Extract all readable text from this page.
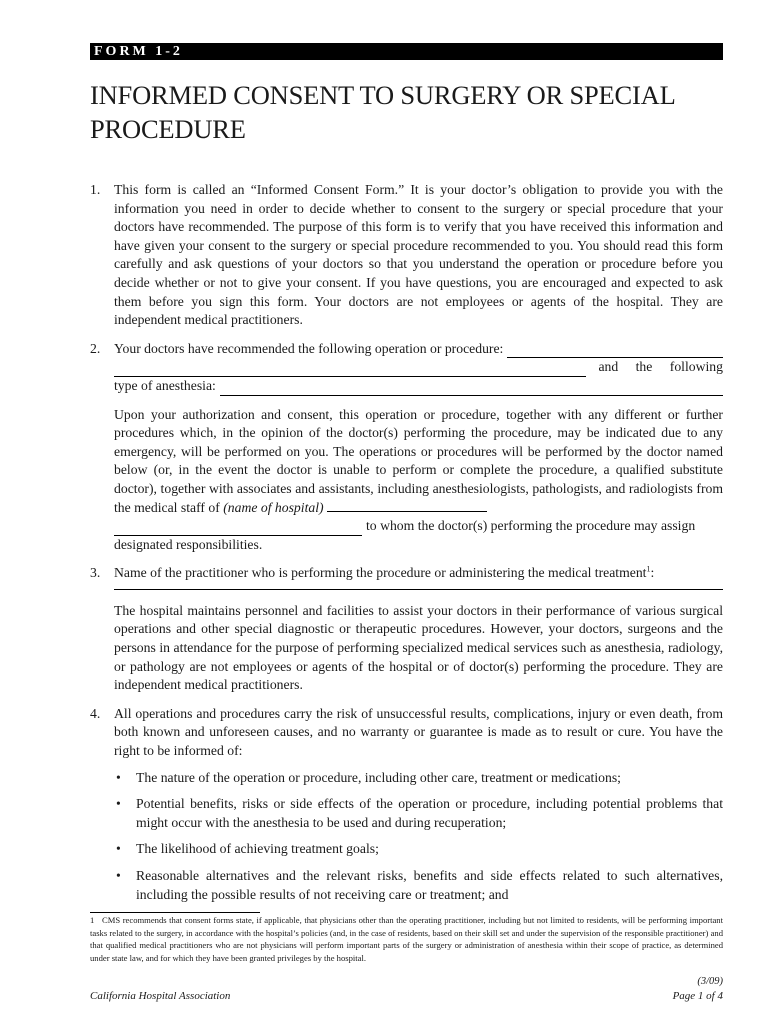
FORM 1-2
INFORMED CONSENT TO SURGERY OR SPECIAL PROCEDURE
1. This form is called an “Informed Consent Form.” It is your doctor’s obligation to provide you with the information you need in order to decide whether to consent to the surgery or special procedure that your doctors have recommended. The purpose of this form is to verify that you have received this information and have given your consent to the surgery or special procedure recommended to you. You should read this form carefully and ask questions of your doctors so that you understand the operation or procedure before you decide whether or not to give your consent. If you have questions, you are encouraged and expected to ask them before you sign this form. Your doctors are not employees or agents of the hospital. They are independent medical practitioners.
2. Your doctors have recommended the following operation or procedure:
and the following
type of anesthesia:
Upon your authorization and consent, this operation or procedure, together with any different or further procedures which, in the opinion of the doctor(s) performing the procedure, may be indicated due to any emergency, will be performed on you. The operations or procedures will be performed by the doctor named below (or, in the event the doctor is unable to perform or complete the procedure, a qualified substitute doctor), together with associates and assistants, including anesthesiologists, pathologists, and radiologists from the medical staff of (name of hospital)
to whom the doctor(s) performing the procedure may assign
designated responsibilities.
3. Name of the practitioner who is performing the procedure or administering the medical treatment$^1$:
The hospital maintains personnel and facilities to assist your doctors in their performance of various surgical operations and other special diagnostic or therapeutic procedures. However, your doctors, surgeons and the persons in attendance for the purpose of performing specialized medical services such as anesthesia, radiology, or pathology are not employees or agents of the hospital or of doctor(s) performing the procedure. They are independent medical practitioners.
4. All operations and procedures carry the risk of unsuccessful results, complications, injury or even death, from both known and unforeseen causes, and no warranty or guarantee is made as to result or cure. You have the right to be informed of:
• The nature of the operation or procedure, including other care, treatment or medications;
• Potential benefits, risks or side effects of the operation or procedure, including potential problems that might occur with the anesthesia to be used and during recuperation;
• The likelihood of achieving treatment goals;
• Reasonable alternatives and the relevant risks, benefits and side effects related to such alternatives, including the possible results of not receiving care or treatment; and
1 CMS recommends that consent forms state, if applicable, that physicians other than the operating practitioner, including but not limited to residents, will be performing important tasks related to the surgery, in accordance with the hospital’s policies (and, in the case of residents, based on their skill set and under the supervision of the responsible practitioner) and that qualified medical practitioners who are not physicians will perform important parts of the surgery or administration of anesthesia within their scope of practice, as determined under state law, and for which they have been granted privileges by the hospital.
(3/09)
California Hospital Association	Page 1 of 4
